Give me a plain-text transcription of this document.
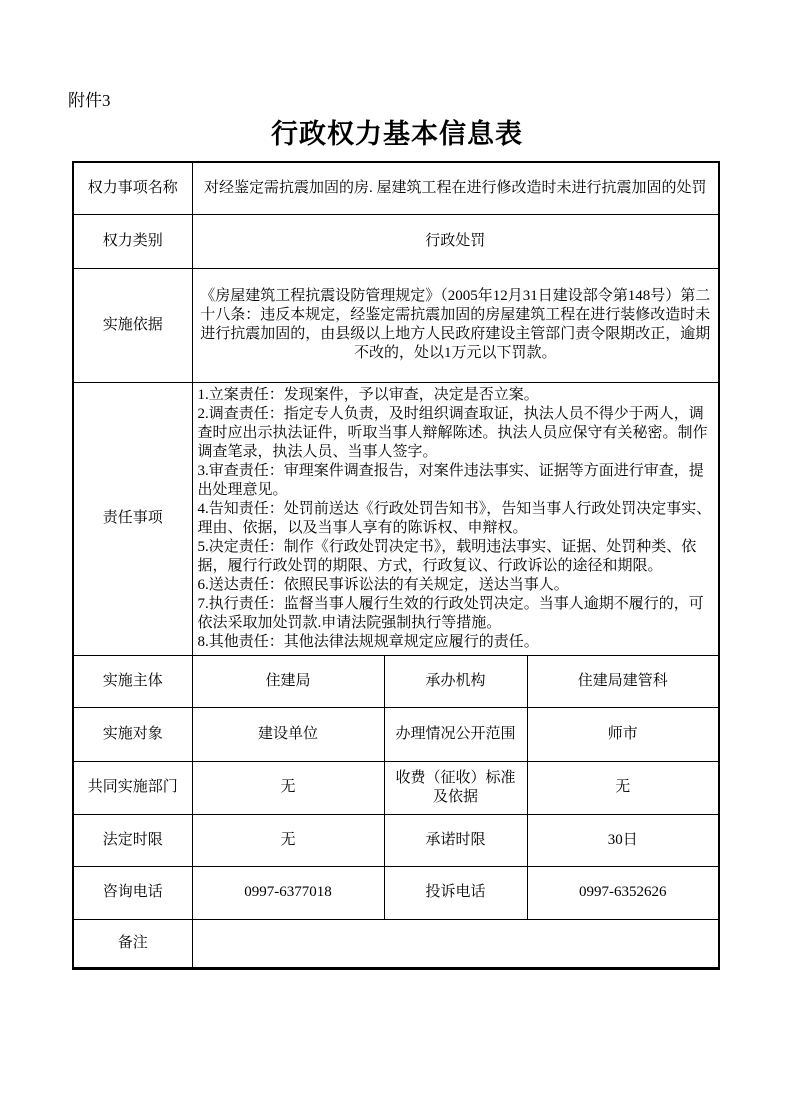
附件3
行政权力基本信息表
权力事项名称	对经鉴定需抗震加固的房. 屋建筑工程在进行修改造时未进行抗震加固的处罚		
权力类别	行政处罚		
实施依据	《房屋建筑工程抗震设防管理规定》（2005年12月31日建设部令第148号）第二十八条：违反本规定，经鉴定需抗震加固的房屋建筑工程在进行装修改造时未进行抗震加固的，由县级以上地方人民政府建设主管部门责令限期改正，逾期不改的，处以1万元以下罚款。		
责任事项	
1.立案责任：发现案件，予以审查，决定是否立案。
2.调查责任：指定专人负责，及时组织调查取证，执法人员不得少于两人，调查时应出示执法证件，听取当事人辩解陈述。执法人员应保守有关秘密。制作调查笔录，执法人员、当事人签字。
3.审查责任：审理案件调查报告，对案件违法事实、证据等方面进行审查，提出处理意见。
4.告知责任：处罚前送达《行政处罚告知书》，告知当事人行政处罚决定事实、理由、依据，以及当事人享有的陈诉权、申辩权。
5.决定责任：制作《行政处罚决定书》，载明违法事实、证据、处罚种类、依据，履行行政处罚的期限、方式，行政复议、行政诉讼的途径和期限。
6.送达责任：依照民事诉讼法的有关规定，送达当事人。
7.执行责任：监督当事人履行生效的行政处罚决定。当事人逾期不履行的，可依法采取加处罚款.申请法院强制执行等措施。
8.其他责任：其他法律法规规章规定应履行的责任。

实施主体	住建局	承办机构	住建局建管科
实施对象	建设单位	办理情况公开范围	师市
共同实施部门	无	收费（征收）标准及依据	无
法定时限	无	承诺时限	30日
咨询电话	0997-6377018	投诉电话	0997-6352626
备注			
